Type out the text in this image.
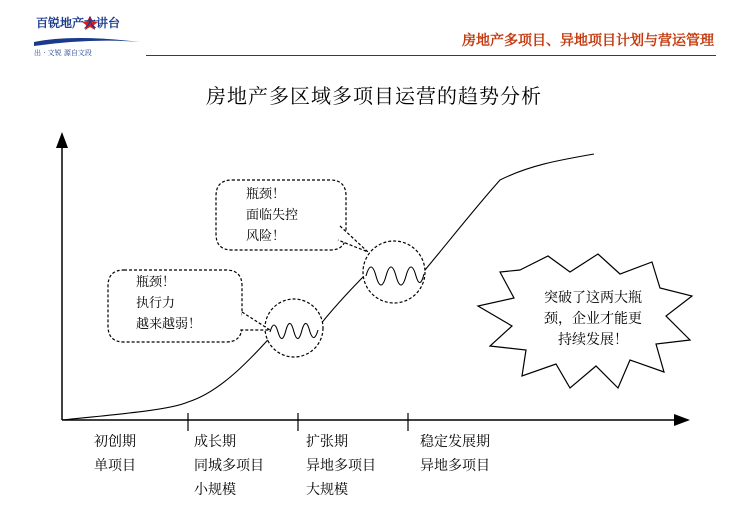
百锐地产大讲台
出 · 文锐 源自文段
房地产多项目、异地项目计划与营运管理
房地产多区域多项目运营的趋势分析
瓶颈！
执行力
越来越弱！
瓶颈！
面临失控
风险！
突破了这两大瓶
颈，企业才能更
持续发展！
初创期
单项目
成长期
同城多项目
小规模
扩张期
异地多项目
大规模
稳定发展期
异地多项目
